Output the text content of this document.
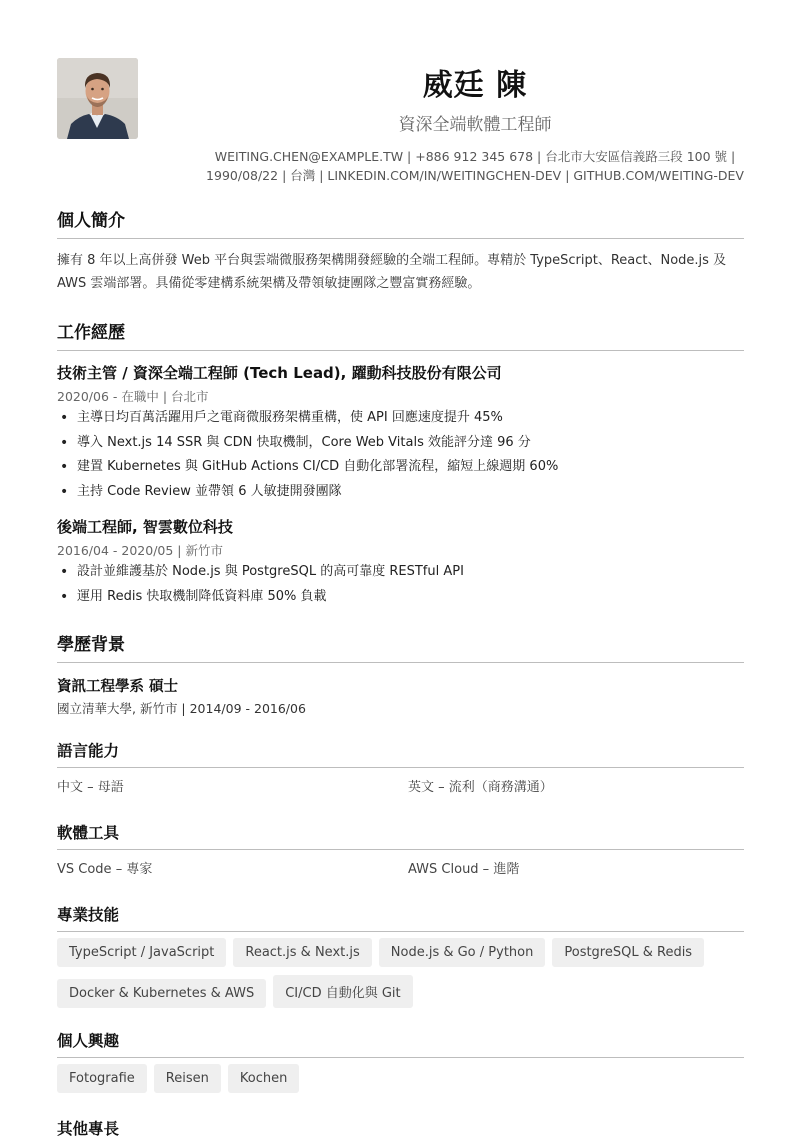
威廷 陳
資深全端軟體工程師
WEITING.CHEN@EXAMPLE.TW | +886 912 345 678 | 台北市大安區信義路三段 100 號 |
1990/08/22 | 台灣 | LINKEDIN.COM/IN/WEITINGCHEN-DEV | GITHUB.COM/WEITING-DEV
個人簡介
擁有 8 年以上高併發 Web 平台與雲端微服務架構開發經驗的全端工程師。專精於 TypeScript、React、Node.js 及 AWS 雲端部署。具備從零建構系統架構及帶領敏捷團隊之豐富實務經驗。
工作經歷
技術主管 / 資深全端工程師 (Tech Lead), 躍動科技股份有限公司
2020/06 - 在職中 | 台北市
• 主導日均百萬活躍用戶之電商微服務架構重構，使 API 回應速度提升 45%
• 導入 Next.js 14 SSR 與 CDN 快取機制，Core Web Vitals 效能評分達 96 分
• 建置 Kubernetes 與 GitHub Actions CI/CD 自動化部署流程，縮短上線週期 60%
• 主持 Code Review 並帶領 6 人敏捷開發團隊
後端工程師, 智雲數位科技
2016/04 - 2020/05 | 新竹市
• 設計並維護基於 Node.js 與 PostgreSQL 的高可靠度 RESTful API
• 運用 Redis 快取機制降低資料庫 50% 負載
學歷背景
資訊工程學系 碩士
國立清華大學, 新竹市 | 2014/09 - 2016/06
語言能力
中文 – 母語	英文 – 流利（商務溝通）
軟體工具
VS Code – 專家	AWS Cloud – 進階
專業技能
TypeScript / JavaScript React.js & Next.js Node.js & Go / Python PostgreSQL & RedisDocker & Kubernetes & AWS CI/CD 自動化與 Git
個人興趣
Fotografie Reisen Kochen
其他專長
